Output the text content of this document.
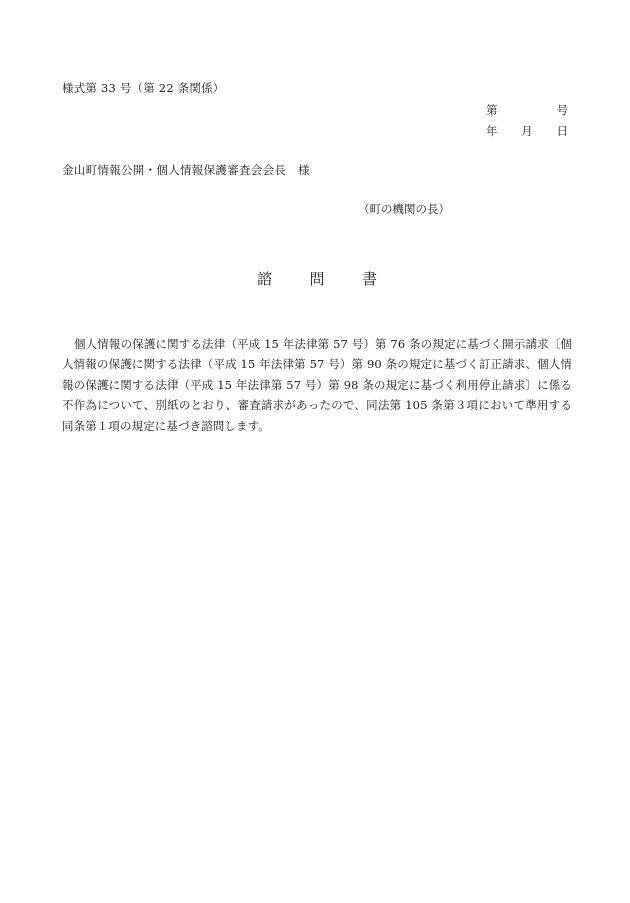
様式第 33 号（第 22 条関係）
第	号
年 月 日
金山町情報公開・個人情報保護審査会会長　様
（町の機関の長）
諮 問 書

個人情報の保護に関する法律（平成 15 年法律第 57 号）第 76 条の規定に基づく開示請求〔個人情報の保護に関する法律（平成 15 年法律第 57 号）第 90 条の規定に基づく訂正請求、個人情報の保護に関する法律（平成 15 年法律第 57 号）第 98 条の規定に基づく利用停止請求〕に係る不作為について、別紙のとおり、審査請求があったので、同法第 105 条第３項において準用する同条第１項の規定に基づき諮問します。
